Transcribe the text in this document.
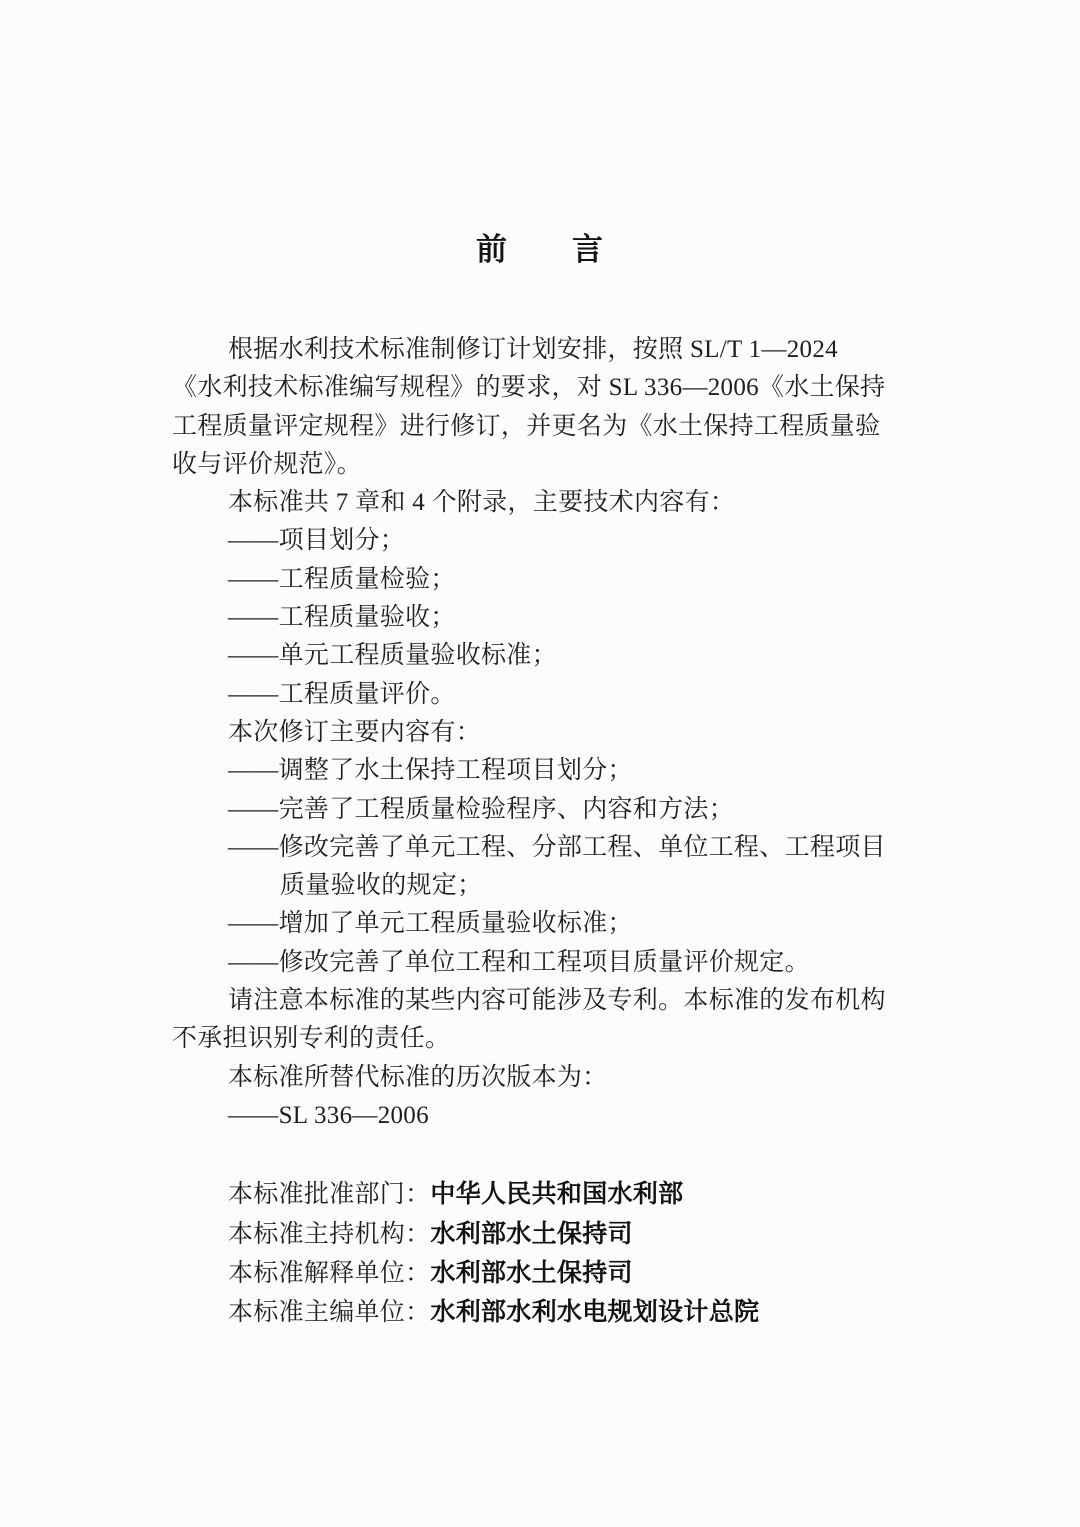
前　　言

根据水利技术标准制修订计划安排，按照 SL/T 1—2024

《水利技术标准编写规程》的要求，对 SL 336—2006《水土保持

工程质量评定规程》进行修订，并更名为《水土保持工程质量验

收与评价规范》。

本标准共 7 章和 4 个附录，主要技术内容有：

——项目划分；

——工程质量检验；

——工程质量验收；

——单元工程质量验收标准；

——工程质量评价。

本次修订主要内容有：

——调整了水土保持工程项目划分；

——完善了工程质量检验程序、内容和方法；

——修改完善了单元工程、分部工程、单位工程、工程项目

质量验收的规定；

——增加了单元工程质量验收标准；

——修改完善了单位工程和工程项目质量评价规定。

请注意本标准的某些内容可能涉及专利。本标准的发布机构

不承担识别专利的责任。

本标准所替代标准的历次版本为：

——SL 336—2006

本标准批准部门：中华人民共和国水利部

本标准主持机构：水利部水土保持司

本标准解释单位：水利部水土保持司

本标准主编单位：水利部水利水电规划设计总院
